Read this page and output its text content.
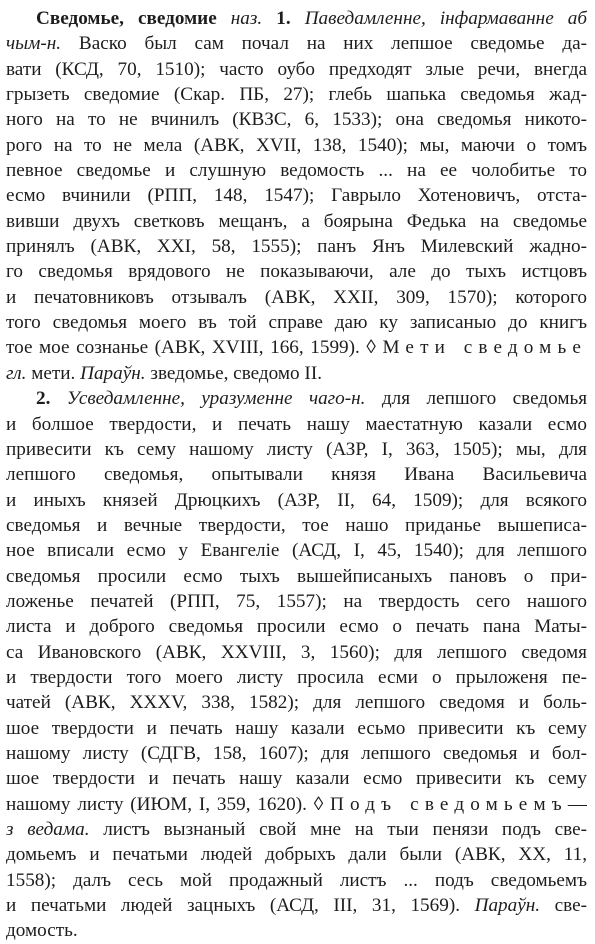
Сведомье, сведомие наз. 1. Паведамленне, інфармаванне аб
чым-н. Васко был сам почал на них лепшое сведомье да-
вати (КСД, 70, 1510); часто оубо предходят злые речи, внегда
грызеть сведомие (Скар. ПБ, 27); глебь шапька сведомья жад-
ного на то не вчинилъ (КВЗС, 6, 1533); она сведомья никото-
рого на то не мела (АВК, XVII, 138, 1540); мы, маючи о томъ
певное сведомье и слушную ведомость ... на ее чолобитье то
есмо вчинили (РПП, 148, 1547); Гаврыло Хотеновичъ, отста-
вивши двухъ светковъ мещанъ, а боярына Федька на сведомье
принялъ (АВК, XXI, 58, 1555); панъ Янъ Милевский жадно-
го сведомья врядового не показываючи, але до тыхъ истцовъ
и печатовниковъ отзывалъ (АВК, XXII, 309, 1570); которого
того сведомья моего въ той справе даю ку записаныо до книгъ
тое мое сознанье (АВК, XVIII, 166, 1599). ◊ Мети сведомье
гл. мети. Параўн. зведомье, сведомо II.
2. Усведамленне, уразуменне чаго-н. для лепшого сведомья
и болшое твердости, и печать нашу маестатную казали есмо
привесити къ сему нашому листу (АЗР, I, 363, 1505); мы, для
лепшого сведомья, опытывали князя Ивана Васильевича
и иныхъ князей Дрюцкихъ (АЗР, II, 64, 1509); для всякого
сведомья и вечные твердости, тое нашо приданье вышеписа-
ное вписали есмо у Евангеліе (АСД, I, 45, 1540); для лепшого
сведомья просили есмо тыхъ вышейписаныхъ пановъ о при-
ложенье печатей (РПП, 75, 1557); на твердость сего нашого
листа и доброго сведомья просили есмо о печать пана Маты-
са Ивановского (АВК, XXVIII, 3, 1560); для лепшого сведомя
и твердости того моего листу просила есми о прыложеня пе-
чатей (АВК, XXXV, 338, 1582); для лепшого сведомя и боль-
шое твердости и печать нашу казали есьмо привесити къ сему
нашому листу (СДГВ, 158, 1607); для лепшого сведомья и бол-
шое твердости и печать нашу казали есмо привесити къ сему
нашому листу (ИЮМ, I, 359, 1620). ◊ Подъ сведомьемъ—
з ведама. листъ вызнаный свой мне на тыи пенязи подъ све-
домьемъ и печатьми людей добрыхъ дали были (АВК, XX, 11,
1558); далъ сесь мой продажный листъ ... подъ сведомьемъ
и печатьми людей зацныхъ (АСД, III, 31, 1569). Параўн. све-
домость.
